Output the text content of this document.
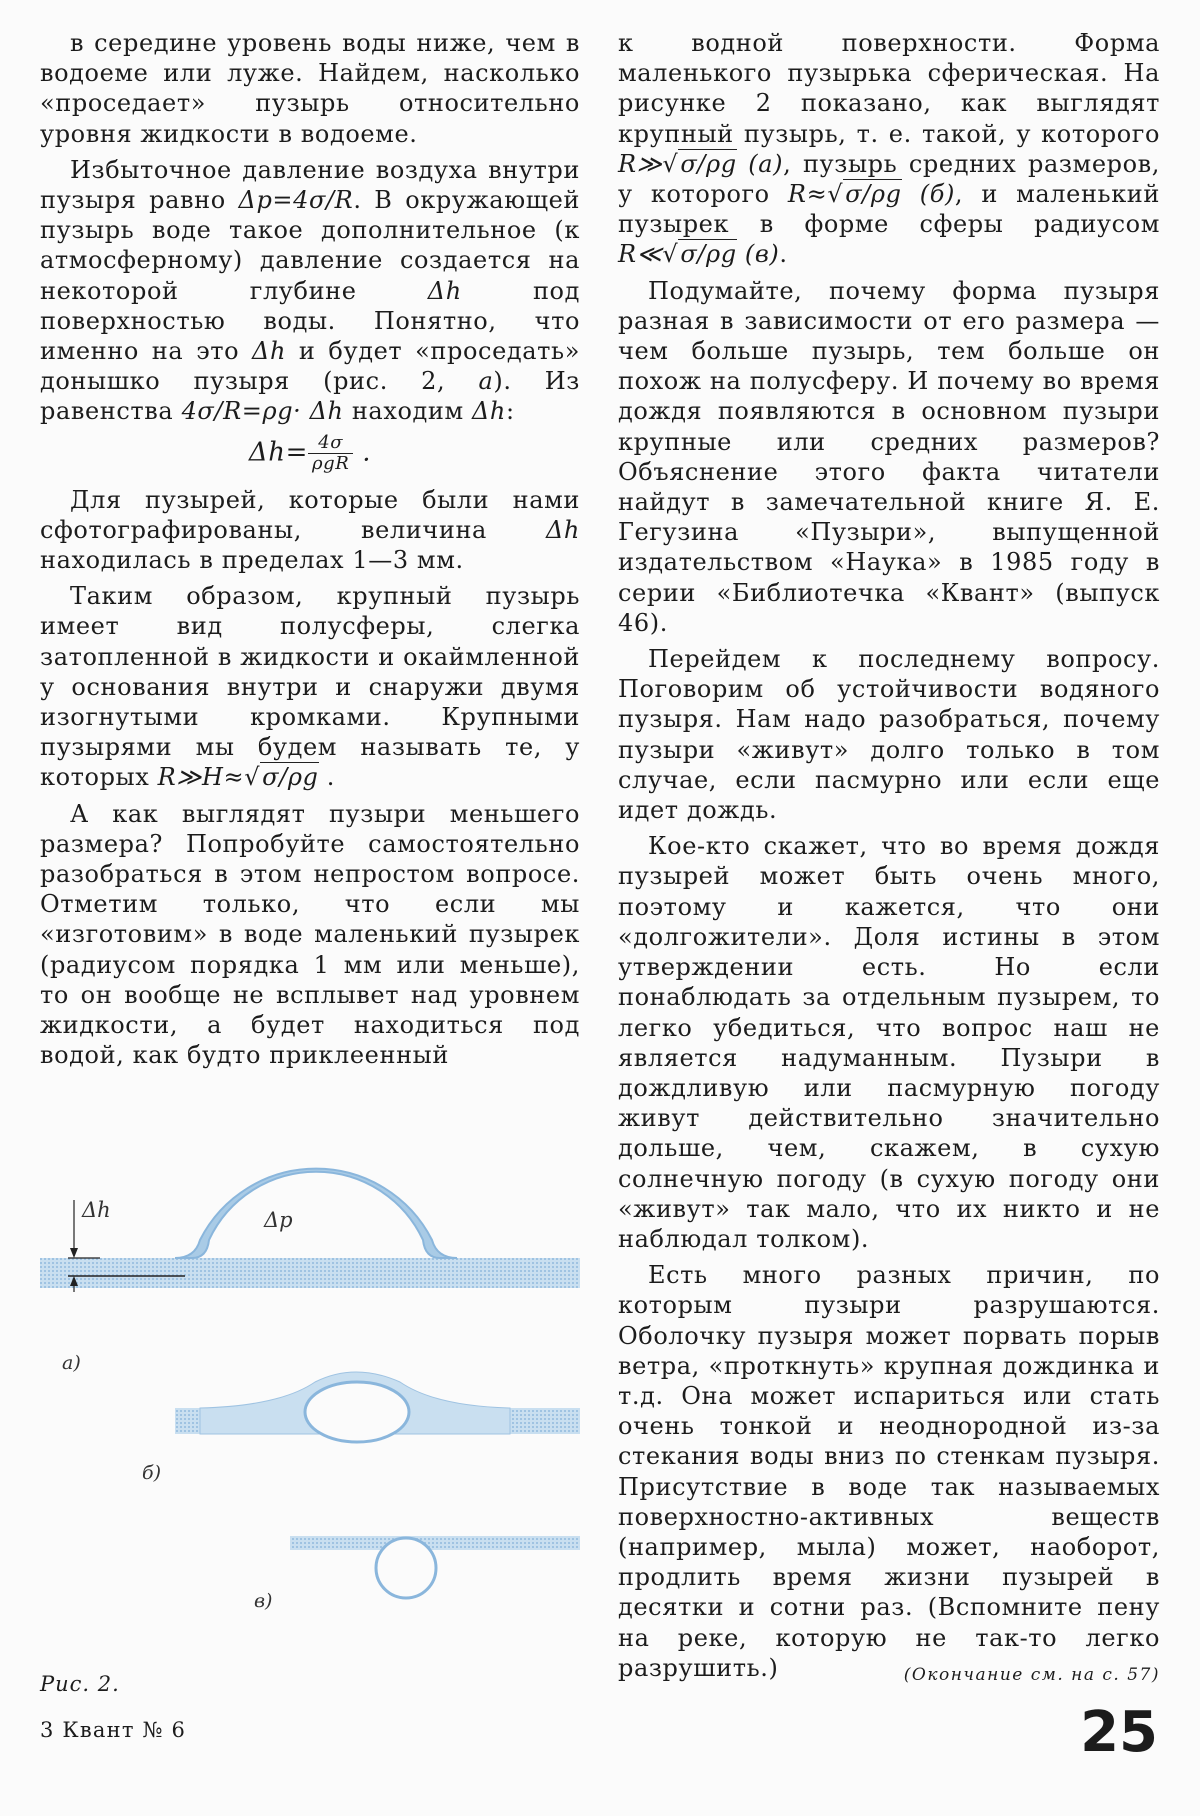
в середине уровень воды ниже, чем в водоеме или луже. Найдем, насколько «проседает» пузырь относительно уровня жидкости в водоеме.

Избыточное давление воздуха внутри пузыря равно Δp=4σ/R. В окружающей пузырь воде такое дополнительное (к атмосферному) давление создается на некоторой глубине Δh под поверхностью воды. Понятно, что именно на это Δh и будет «проседать» донышко пузыря (рис. 2, а). Из равенства 4σ/R=ρg· Δh находим Δh:

$\Delta h= \frac{4\sigma}{\text{ρgR}}$ .

Для пузырей, которые были нами сфотографированы, величина Δh находилась в пределах 1—3 мм.

Таким образом, крупный пузырь имеет вид полусферы, слегка затопленной в жидкости и окаймленной у основания внутри и снаружи двумя изогнутыми кромками. Крупными пузырями мы будем называть те, у которых R≫H≈√σ/ρg .

А как выглядят пузыри меньшего размера? Попробуйте самостоятельно разобраться в этом непростом вопросе. Отметим только, что если мы «изготовим» в воде маленький пузырек (радиусом порядка 1 мм или меньше), то он вообще не всплывет над уровнем жидкости, а будет находиться под водой, как будто приклеенный

к водной поверхности. Форма маленького пузырька сферическая. На рисунке 2 показано, как выглядят крупный пузырь, т. е. такой, у которого R≫√σ/ρg (а), пузырь средних размеров, у которого R≈√σ/ρg (б), и маленький пузырек в форме сферы радиусом R≪√σ/ρg (в).

Подумайте, почему форма пузыря разная в зависимости от его размера — чем больше пузырь, тем больше он похож на полусферу. И почему во время дождя появляются в основном пузыри крупные или средних размеров? Объяснение этого факта читатели найдут в замечательной книге Я. Е. Гегузина «Пузыри», выпущенной издательством «Наука» в 1985 году в серии «Библиотечка «Квант» (выпуск 46).

Перейдем к последнему вопросу. Поговорим об устойчивости водяного пузыря. Нам надо разобраться, почему пузыри «живут» долго только в том случае, если пасмурно или если еще идет дождь.

Кое-кто скажет, что во время дождя пузырей может быть очень много, поэтому и кажется, что они «долгожители». Доля истины в этом утверждении есть. Но если понаблюдать за отдельным пузырем, то легко убедиться, что вопрос наш не является надуманным. Пузыри в дождливую или пасмурную погоду живут действительно значительно дольше, чем, скажем, в сухую солнечную погоду (в сухую погоду они «живут» так мало, что их никто и не наблюдал толком).

Есть много разных причин, по которым пузыри разрушаются. Оболочку пузыря может порвать порыв ветра, «проткнуть» крупная дождинка и т.д. Она может испариться или стать очень тонкой и неоднородной из-за стекания воды вниз по стенкам пузыря. Присутствие в воде так называемых поверхностно-активных веществ (например, мыла) может, наоборот, продлить время жизни пузырей в десятки и сотни раз. (Вспомните пену на реке, которую не так-то легко разрушить.)

Δh	Δp
а)
б)
в)
Рис. 2.	(Окончание см. на с. 57)
3 Квант № 6	25
